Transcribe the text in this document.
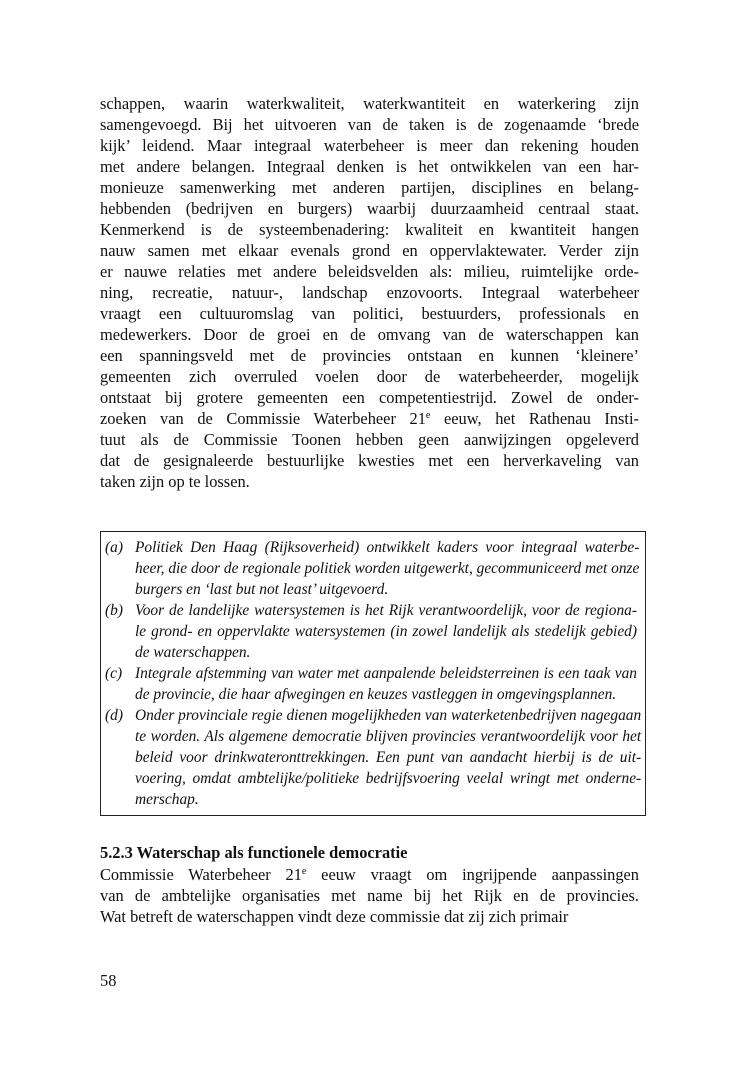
schappen, waarin waterkwaliteit, waterkwantiteit en waterkering zijn
samengevoegd. Bij het uitvoeren van de taken is de zogenaamde ‘brede
kijk’ leidend. Maar integraal waterbeheer is meer dan rekening houden
met andere belangen. Integraal denken is het ontwikkelen van een har-
monieuze samenwerking met anderen partijen, disciplines en belang-
hebbenden (bedrijven en burgers) waarbij duurzaamheid centraal staat.
Kenmerkend is de systeembenadering: kwaliteit en kwantiteit hangen
nauw samen met elkaar evenals grond en oppervlaktewater. Verder zijn
er nauwe relaties met andere beleidsvelden als: milieu, ruimtelijke orde-
ning, recreatie, natuur-, landschap enzovoorts. Integraal waterbeheer
vraagt een cultuuromslag van politici, bestuurders, professionals en
medewerkers. Door de groei en de omvang van de waterschappen kan
een spanningsveld met de provincies ontstaan en kunnen ‘kleinere’
gemeenten zich overruled voelen door de waterbeheerder, mogelijk
ontstaat bij grotere gemeenten een competentiestrijd. Zowel de onder-
zoeken van de Commissie Waterbeheer 21e eeuw, het Rathenau Insti-
tuut als de Commissie Toonen hebben geen aanwijzingen opgeleverd
dat de gesignaleerde bestuurlijke kwesties met een herverkaveling van
taken zijn op te lossen.

(a) Politiek Den Haag (Rijksoverheid) ontwikkelt kaders voor integraal waterbe-
heer, die door de regionale politiek worden uitgewerkt, gecommuniceerd met onze
burgers en ‘last but not least’ uitgevoerd.
(b) Voor de landelijke watersystemen is het Rijk verantwoordelijk, voor de regiona-
le grond- en oppervlakte watersystemen (in zowel landelijk als stedelijk gebied)
de waterschappen.
(c) Integrale afstemming van water met aanpalende beleidsterreinen is een taak van
de provincie, die haar afwegingen en keuzes vastleggen in omgevingsplannen.
(d) Onder provinciale regie dienen mogelijkheden van waterketenbedrijven nagegaan
te worden. Als algemene democratie blijven provincies verantwoordelijk voor het
beleid voor drinkwateronttrekkingen. Een punt van aandacht hierbij is de uit-
voering, omdat ambtelijke/politieke bedrijfsvoering veelal wringt met onderne-
merschap.
5.2.3 Waterschap als functionele democratie

Commissie Waterbeheer 21e eeuw vraagt om ingrijpende aanpassingen
van de ambtelijke organisaties met name bij het Rijk en de provincies.
Wat betreft de waterschappen vindt deze commissie dat zij zich primair

58
